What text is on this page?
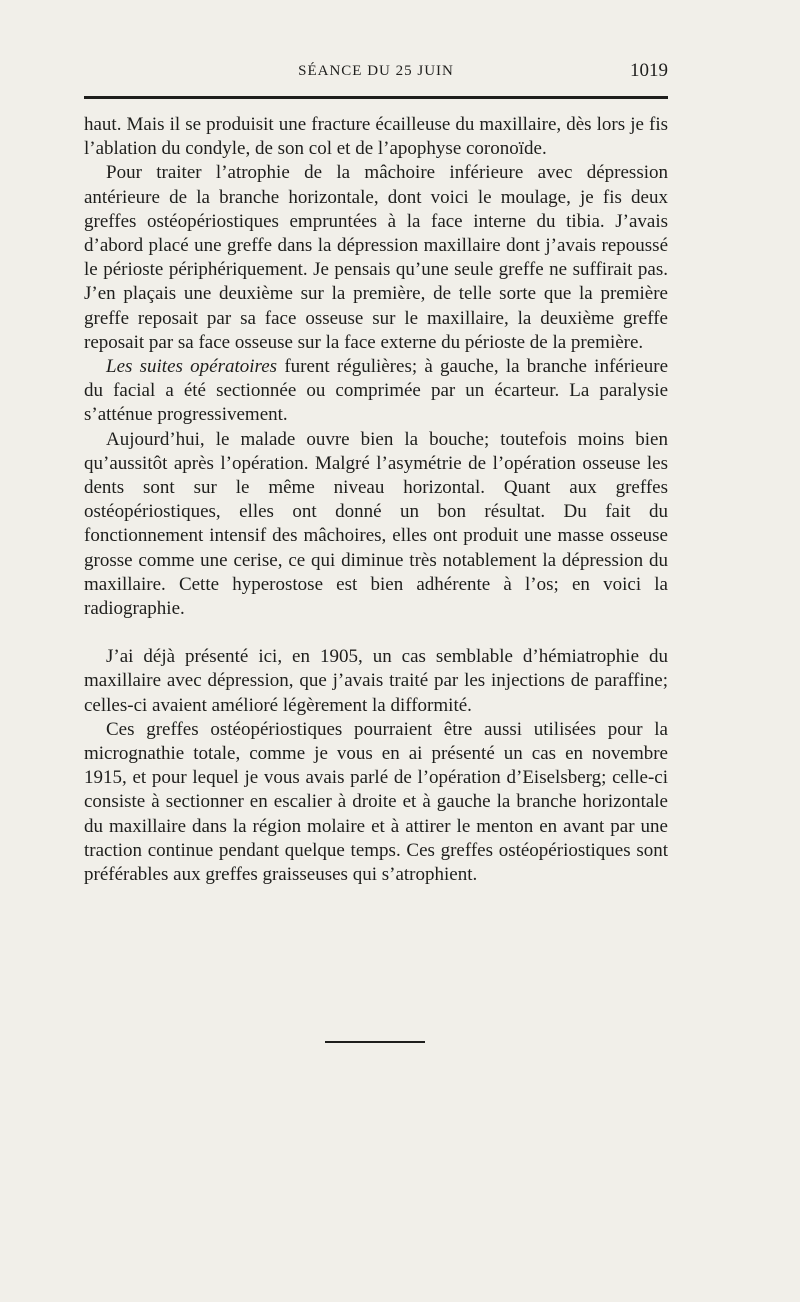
SÉANCE DU 25 JUIN	1019

haut. Mais il se produisit une fracture écailleuse du maxillaire, dès lors je fis l’ablation du condyle, de son col et de l’apophyse coronoïde.

Pour traiter l’atrophie de la mâchoire inférieure avec dépression antérieure de la branche horizontale, dont voici le moulage, je fis deux greffes ostéopériostiques empruntées à la face interne du tibia. J’avais d’abord placé une greffe dans la dépression maxillaire dont j’avais repoussé le périoste périphériquement. Je pensais qu’une seule greffe ne suffirait pas. J’en plaçais une deuxième sur la première, de telle sorte que la première greffe reposait par sa face osseuse sur le maxillaire, la deuxième greffe reposait par sa face osseuse sur la face externe du périoste de la première.

Les suites opératoires furent régulières; à gauche, la branche inférieure du facial a été sectionnée ou comprimée par un écarteur. La paralysie s’atténue progressivement.

Aujourd’hui, le malade ouvre bien la bouche; toutefois moins bien qu’aussitôt après l’opération. Malgré l’asymétrie de l’opération osseuse les dents sont sur le même niveau horizontal. Quant aux greffes ostéopériostiques, elles ont donné un bon résultat. Du fait du fonctionnement intensif des mâchoires, elles ont produit une masse osseuse grosse comme une cerise, ce qui diminue très notablement la dépression du maxillaire. Cette hyperostose est bien adhérente à l’os; en voici la radiographie.

J’ai déjà présenté ici, en 1905, un cas semblable d’hémiatrophie du maxillaire avec dépression, que j’avais traité par les injections de paraffine; celles-ci avaient amélioré légèrement la difformité.

Ces greffes ostéopériostiques pourraient être aussi utilisées pour la micrognathie totale, comme je vous en ai présenté un cas en novembre 1915, et pour lequel je vous avais parlé de l’opération d’Eiselsberg; celle-ci consiste à sectionner en escalier à droite et à gauche la branche horizontale du maxillaire dans la région molaire et à attirer le menton en avant par une traction continue pendant quelque temps. Ces greffes ostéopériostiques sont préférables aux greffes graisseuses qui s’atrophient.
